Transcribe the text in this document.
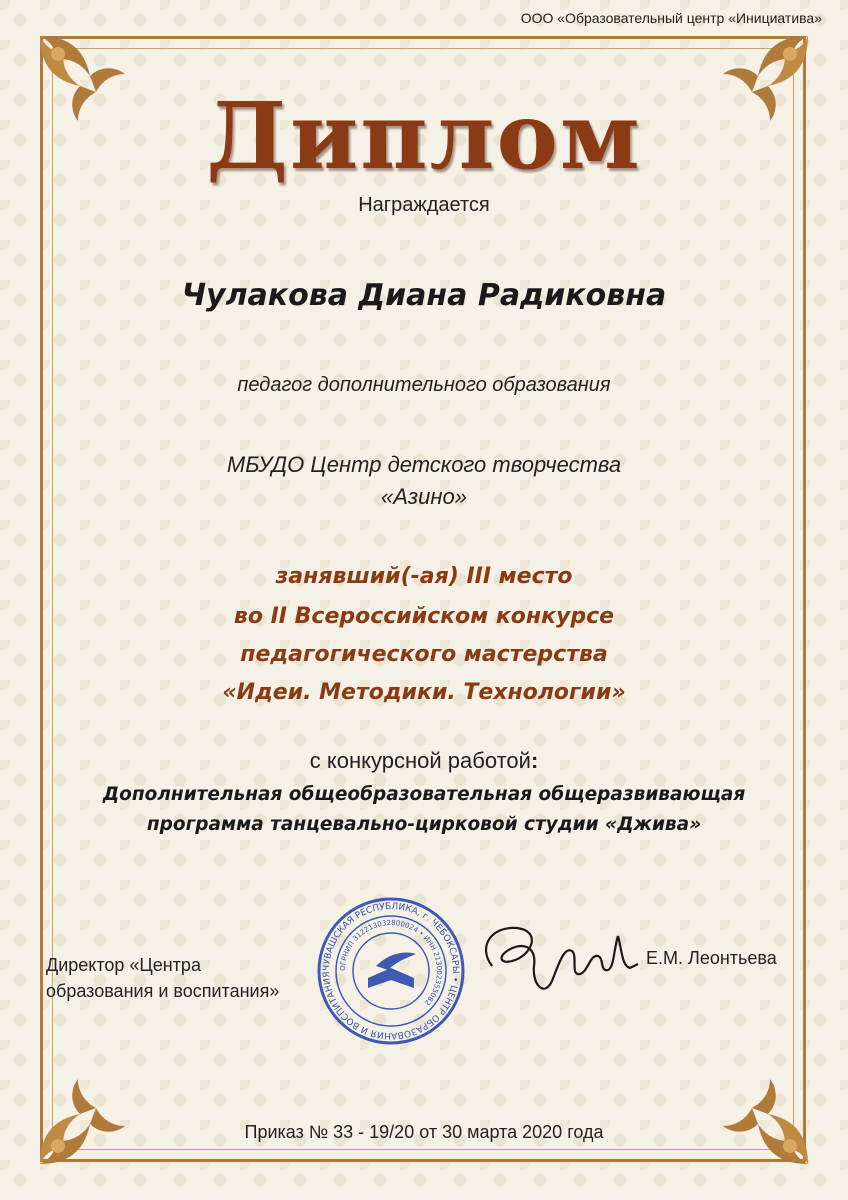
ООО «Образовательный центр «Инициатива»
Диплом
Награждается
Чулакова Диана Радиковна
педагог дополнительного образования
МБУДО Центр детского творчества
«Азино»
занявший(-ая) III место
во II Всероссийском конкурсе
педагогического мастерства
«Идеи. Методики. Технологии»
с конкурсной работой:
Дополнительная общеобразовательная общеразвивающая
программа танцевально-цирковой студии «Джива»
ЧУВАШСКАЯ РЕСПУБЛИКА, г. ЧЕБОКСАРЫ • ЦЕНТР ОБРАЗОВАНИЯ И ВОСПИТАНИЯ
ОГРНИП 312213032800024 • ИНН 213002355082
Директор «Центра
образования и воспитания»
Е.М. Леонтьева
Приказ № 33 - 19/20 от 30 марта 2020 года
